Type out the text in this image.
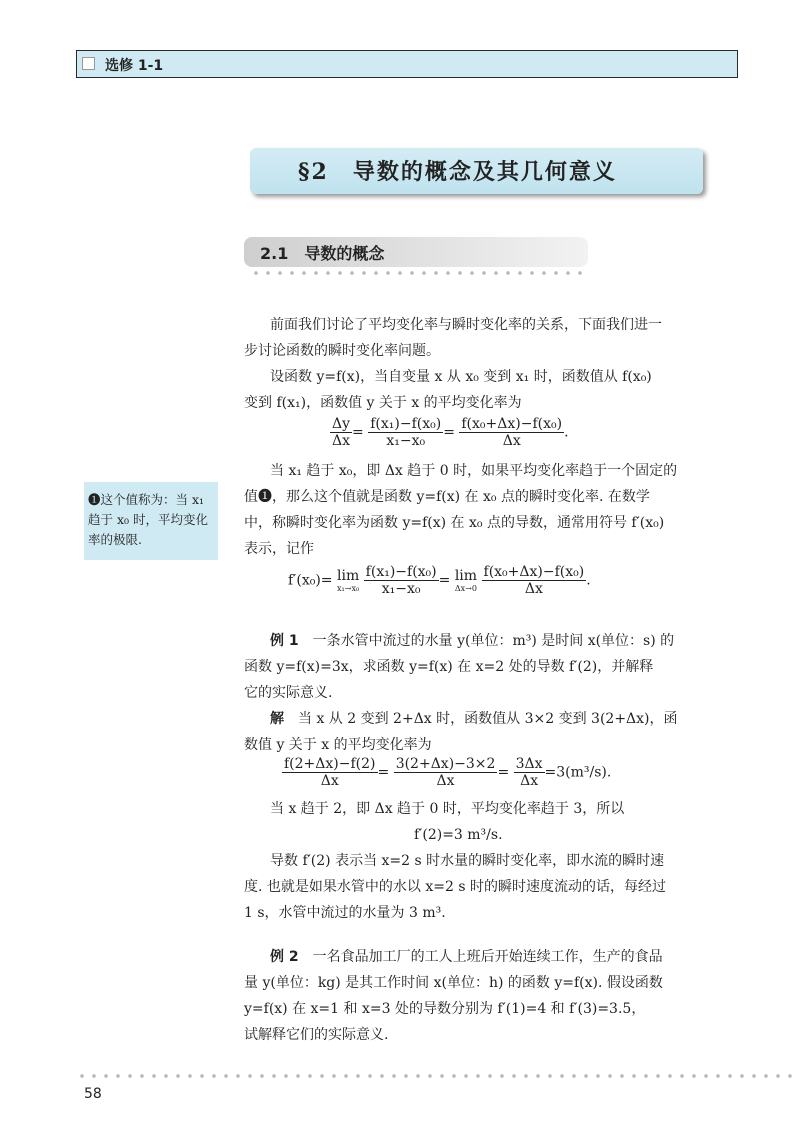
选修 1-1
§2　导数的概念及其几何意义
2.1　导数的概念
前面我们讨论了平均变化率与瞬时变化率的关系，下面我们进一
步讨论函数的瞬时变化率问题。
设函数 y=f(x)，当自变量 x 从 x₀ 变到 x₁ 时，函数值从 f(x₀)
变到 f(x₁)，函数值 y 关于 x 的平均变化率为
$\frac{\Delta y}{\Delta x} = \frac{\text{f(x₁)−f(x₀)}}{\text{x₁−x₀}} = \frac{\text{f(x₀+Δx)−f(x₀)}}{\Delta x}$ .
当 x₁ 趋于 x₀，即 Δx 趋于 0 时，如果平均变化率趋于一个固定的
值❶，那么这个值就是函数 y=f(x) 在 x₀ 点的瞬时变化率. 在数学
中，称瞬时变化率为函数 y=f(x) 在 x₀ 点的导数，通常用符号 f′(x₀)
表示，记作
❶这个值称为：当 x₁ 趋于 x₀ 时，平均变化率的极限.
f′(x₀)= lim
x₁→x₀
$\frac{\text{f(x₁)−f(x₀)}}{\text{x₁−x₀}} = \lim$
Δx→0
$\frac{\text{f(x₀+Δx)−f(x₀)}}{\Delta x}$ .
例 1　一条水管中流过的水量 y(单位：m³) 是时间 x(单位：s) 的
函数 y=f(x)=3x，求函数 y=f(x) 在 x=2 处的导数 f′(2)，并解释
它的实际意义.
解　当 x 从 2 变到 2+Δx 时，函数值从 3×2 变到 3(2+Δx)，函
数值 y 关于 x 的平均变化率为
$\frac{f(2+\Delta x)-f(2)}{\Delta x} = \frac{3(2+\Delta x)-3\times 2}{\Delta x} = \frac{3\Delta x}{\Delta x} =3(m^3/s)$.
当 x 趋于 2，即 Δx 趋于 0 时，平均变化率趋于 3，所以
f′(2)=3 m³/s.
导数 f′(2) 表示当 x=2 s 时水量的瞬时变化率，即水流的瞬时速
度. 也就是如果水管中的水以 x=2 s 时的瞬时速度流动的话，每经过
1 s，水管中流过的水量为 3 m³.
例 2　一名食品加工厂的工人上班后开始连续工作，生产的食品
量 y(单位：kg) 是其工作时间 x(单位：h) 的函数 y=f(x). 假设函数
y=f(x) 在 x=1 和 x=3 处的导数分别为 f′(1)=4 和 f′(3)=3.5，
试解释它们的实际意义.
58
